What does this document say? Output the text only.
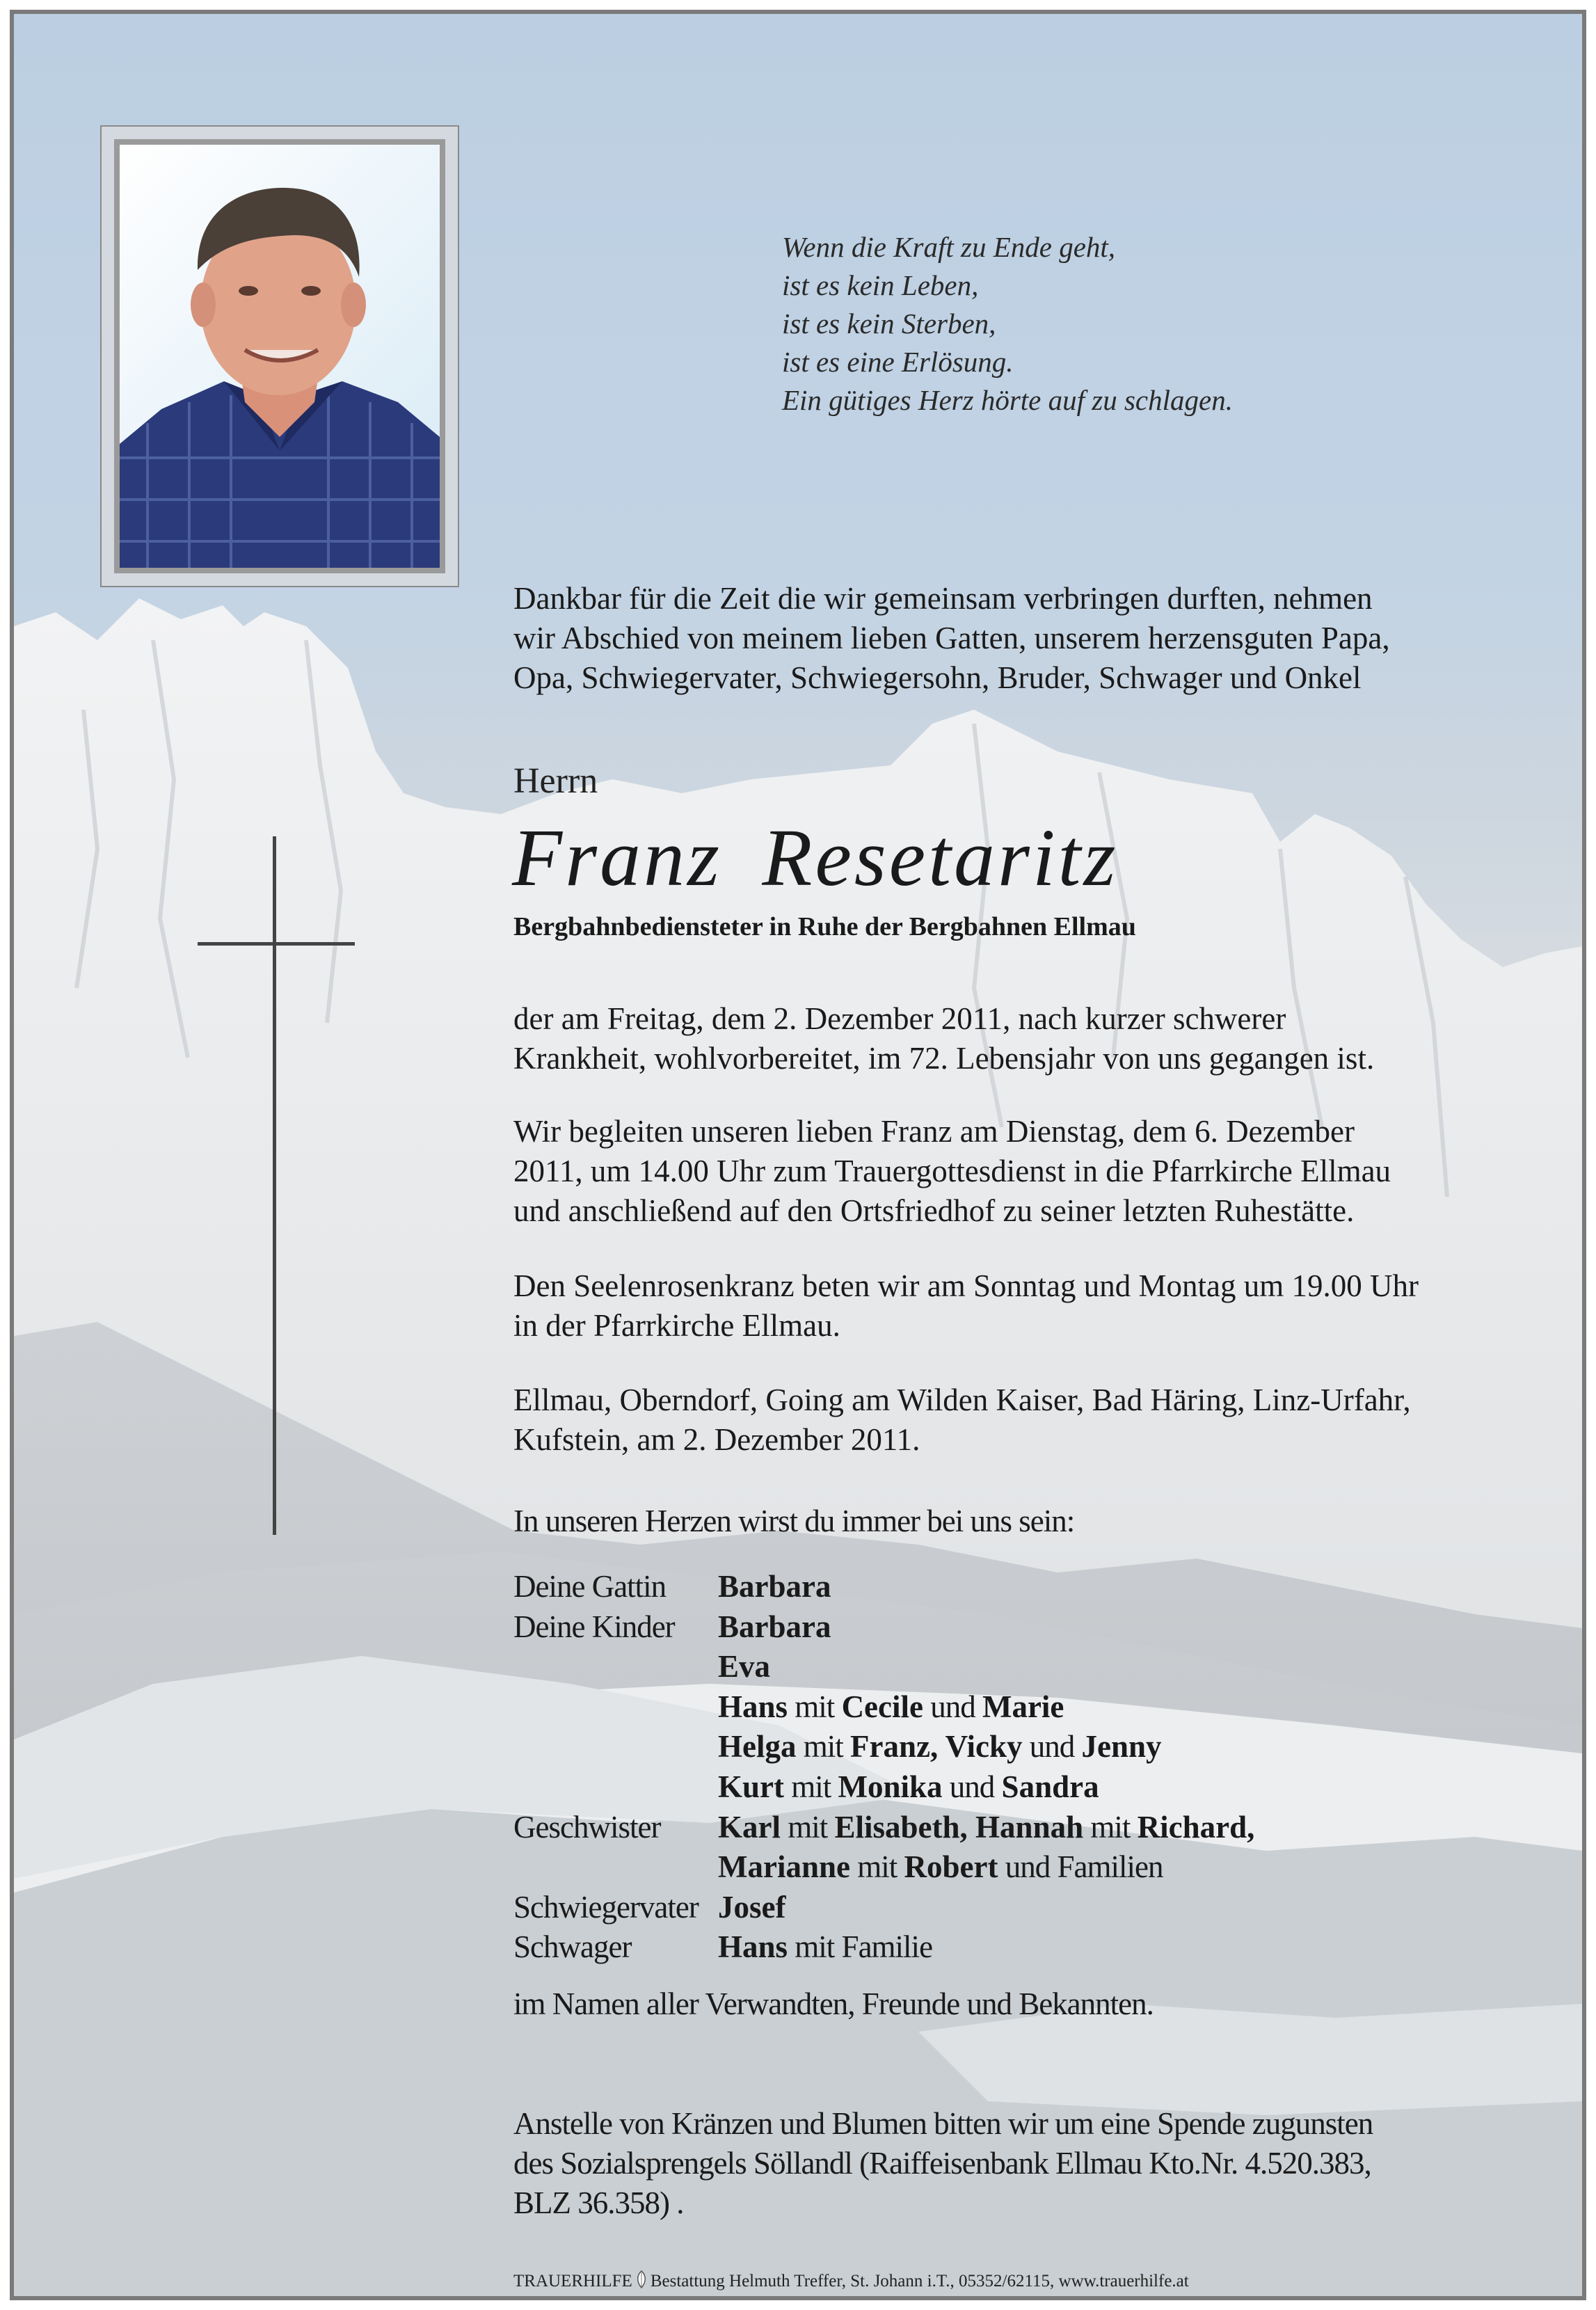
Wenn die Kraft zu Ende geht,
ist es kein Leben,
ist es kein Sterben,
ist es eine Erlösung.
Ein gütiges Herz hörte auf zu schlagen.

Dankbar für die Zeit die wir gemeinsam verbringen durften, nehmen

wir Abschied von meinem lieben Gatten, unserem herzensguten Papa,

Opa, Schwiegervater, Schwiegersohn, Bruder, Schwager und Onkel

Herrn
Franz Resetaritz
Bergbahnbediensteter in Ruhe der Bergbahnen Ellmau

der am Freitag, dem 2. Dezember 2011, nach kurzer schwerer

Krankheit, wohlvorbereitet, im 72. Lebensjahr von uns gegangen ist.

Wir begleiten unseren lieben Franz am Dienstag, dem 6. Dezember

2011, um 14.00 Uhr zum Trauergottesdienst in die Pfarrkirche Ellmau

und anschließend auf den Ortsfriedhof zu seiner letzten Ruhestätte.

Den Seelenrosenkranz beten wir am Sonntag und Montag um 19.00 Uhr

in der Pfarrkirche Ellmau.

Ellmau, Oberndorf, Going am Wilden Kaiser, Bad Häring, Linz-Urfahr,

Kufstein, am 2. Dezember 2011.

In unseren Herzen wirst du immer bei uns sein:

Deine Gattin	Barbara
Deine Kinder	Barbara
Eva
Hans mit Cecile und Marie
Helga mit Franz, Vicky und Jenny
Kurt mit Monika und Sandra
Geschwister	Karl mit Elisabeth, Hannah mit Richard,
Marianne mit Robert und Familien
Schwiegervater Josef
Schwager	Hans mit Familie

im Namen aller Verwandten, Freunde und Bekannten.

Anstelle von Kränzen und Blumen bitten wir um eine Spende zugunsten

des Sozialsprengels Söllandl (Raiffeisenbank Ellmau Kto.Nr. 4.520.383,

BLZ 36.358) .

TRAUERHILFE Bestattung Helmuth Treffer, St. Johann i.T., 05352/62115, www.trauerhilfe.at
